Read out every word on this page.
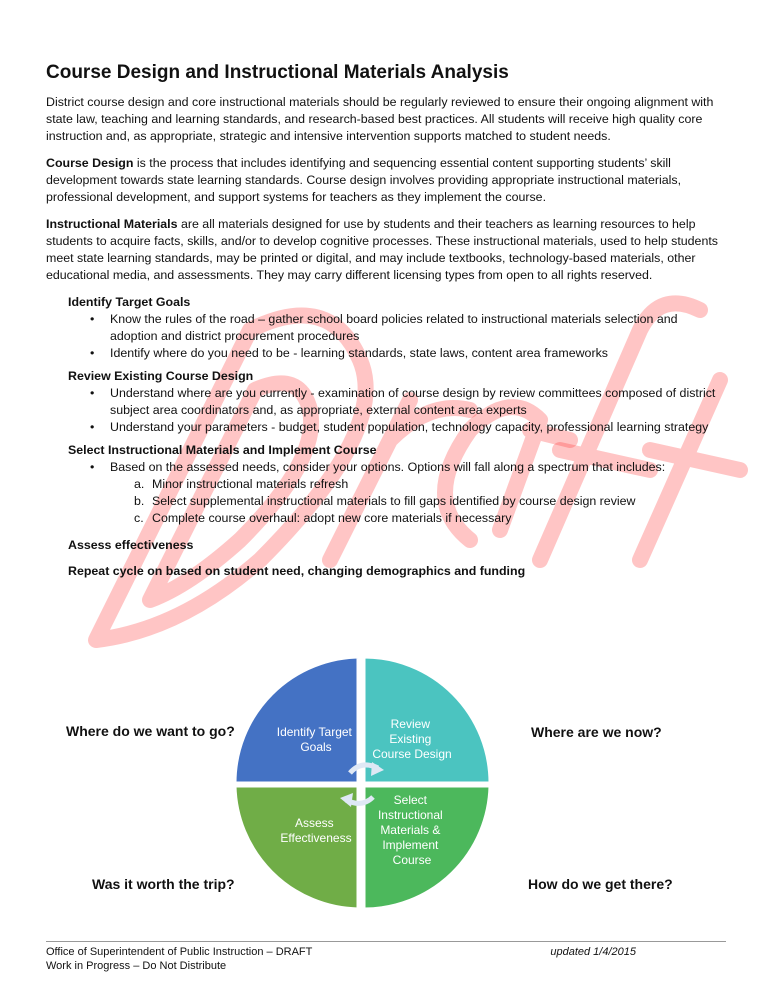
Course Design and Instructional Materials Analysis

District course design and core instructional materials should be regularly reviewed to ensure their ongoing alignment with state law, teaching and learning standards, and research-based best practices. All students will receive high quality core instruction and, as appropriate, strategic and intensive intervention supports matched to student needs.

Course Design is the process that includes identifying and sequencing essential content supporting students’ skill development towards state learning standards. Course design involves providing appropriate instructional materials, professional development, and support systems for teachers as they implement the course.

Instructional Materials are all materials designed for use by students and their teachers as learning resources to help students to acquire facts, skills, and/or to develop cognitive processes. These instructional materials, used to help students meet state learning standards, may be printed or digital, and may include textbooks, technology-based materials, other educational media, and assessments. They may carry different licensing types from open to all rights reserved.

Identify Target Goals
• Know the rules of the road – gather school board policies related to instructional materials selection and adoption and district procurement procedures
• Identify where do you need to be - learning standards, state laws, content area frameworks
Review Existing Course Design
• Understand where are you currently - examination of course design by review committees composed of district subject area coordinators and, as appropriate, external content area experts
• Understand your parameters - budget, student population, technology capacity, professional learning strategy
Select Instructional Materials and Implement Course
• Based on the assessed needs, consider your options. Options will fall along a spectrum that includes:
a. Minor instructional materials refresh
b. Select supplemental instructional materials to fill gaps identified by course design review
c. Complete course overhaul: adopt new core materials if necessary
Assess effectiveness
Repeat cycle on based on student need, changing demographics and funding
Identify Target Goals
Review Existing Course Design
Assess Effectiveness
Select Instructional Materials & Implement Course
Where do we want to go?	Where are we now?
Was it worth the trip?	How do we get there?
Office of Superintendent of Public Instruction – DRAFT
Work in Progress – Do Not Distribute
updated 1/4/2015
